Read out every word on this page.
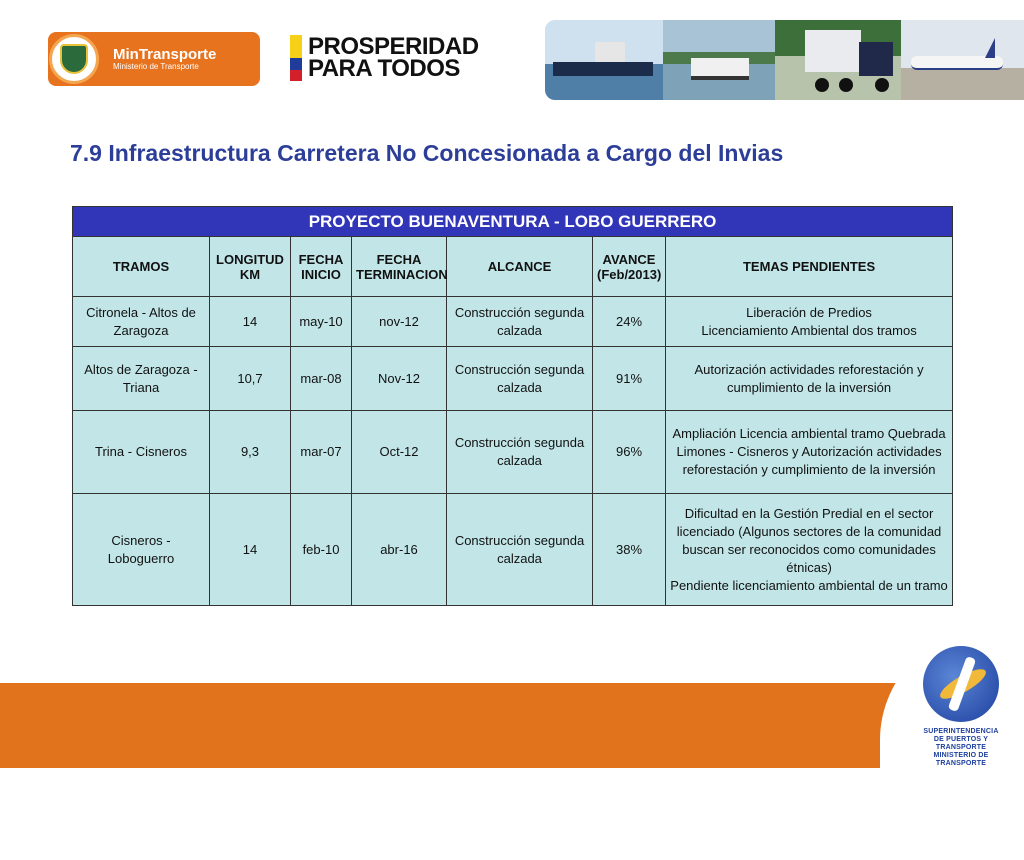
MinTransporte
Ministerio de Transporte
PROSPERIDAD
PARA TODOS
7.9 Infraestructura Carretera No Concesionada a Cargo del Invias
PROYECTO BUENAVENTURA - LOBO GUERRERO						
TRAMOS	LONGITUD KM	FECHA INICIO	FECHA TERMINACION	ALCANCE	AVANCE (Feb/2013)	TEMAS PENDIENTES
Citronela - Altos de Zaragoza	14	may-10	nov-12	Construcción segunda calzada	24%	Liberación de Predios
Licenciamiento Ambiental dos tramos

Altos de Zaragoza - Triana	10,7	mar-08	Nov-12	Construcción segunda calzada	91%	Autorización actividades reforestación y cumplimiento de la inversión

Trina - Cisneros	9,3	mar-07	Oct-12	Construcción segunda calzada	96%	Ampliación Licencia ambiental tramo Quebrada Limones - Cisneros y Autorización actividades reforestación y cumplimiento de la inversión

Cisneros - Loboguerro	14	feb-10	abr-16	Construcción segunda calzada	38%	Dificultad en la Gestión Predial en el sector licenciado (Algunos sectores de la comunidad buscan ser reconocidos como comunidades étnicas)
Pendiente licenciamiento ambiental de un tramo
SUPERINTENDENCIA
DE PUERTOS Y TRANSPORTE
MINISTERIO DE TRANSPORTE
